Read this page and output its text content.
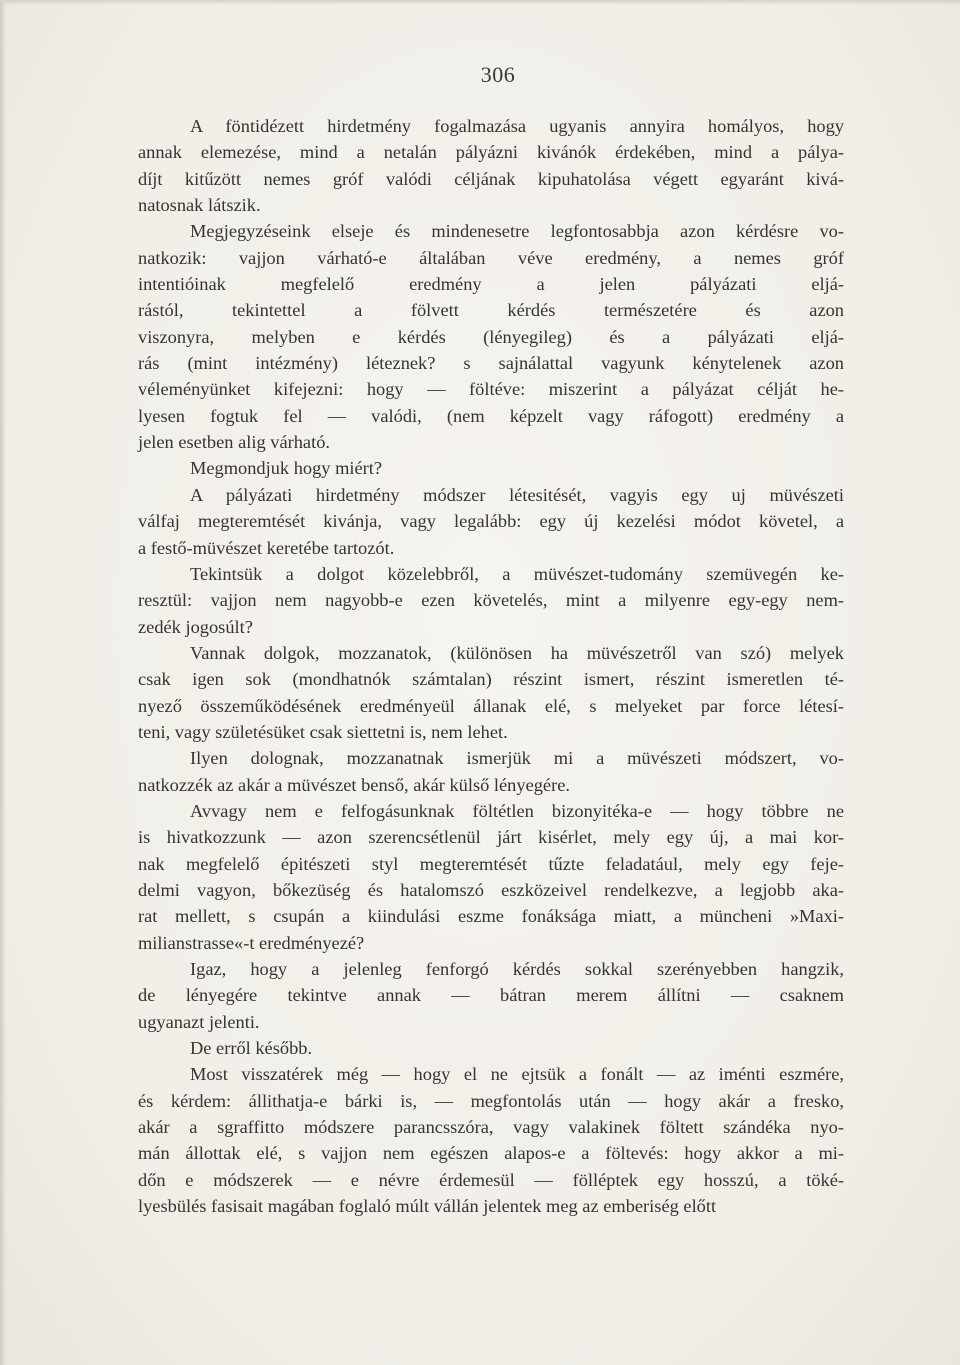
306
A föntidézett hirdetmény fogalmazása ugyanis annyira homályos, hogy
annak elemezése, mind a netalán pályázni kivánók érdekében, mind a pálya-
díjt kitűzött nemes gróf valódi céljának kipuhatolása végett egyaránt kivá-
natosnak látszik.
Megjegyzéseink elseje és mindenesetre legfontosabbja azon kérdésre vo-
natkozik: vajjon várható-e általában véve eredmény, a nemes gróf
intentióinak megfelelő eredmény a jelen pályázati eljá-
rástól, tekintettel a fölvett kérdés természetére és azon
viszonyra, melyben e kérdés (lényegileg) és a pályázati eljá-
rás (mint intézmény) léteznek? s sajnálattal vagyunk kénytelenek azon
véleményünket kifejezni: hogy — föltéve: miszerint a pályázat célját he-
lyesen fogtuk fel — valódi, (nem képzelt vagy ráfogott) eredmény a
jelen esetben alig várható.
Megmondjuk hogy miért?
A pályázati hirdetmény módszer létesitését, vagyis egy uj müvészeti
válfaj megteremtését kivánja, vagy legalább: egy új kezelési módot követel, a
a festő-müvészet keretébe tartozót.
Tekintsük a dolgot közelebbről, a müvészet-tudomány szemüvegén ke-
resztül: vajjon nem nagyobb-e ezen követelés, mint a milyenre egy-egy nem-
zedék jogosúlt?
Vannak dolgok, mozzanatok, (különösen ha müvészetről van szó) melyek
csak igen sok (mondhatnók számtalan) részint ismert, részint ismeretlen té-
nyező összeműködésének eredményeül állanak elé, s melyeket par force létesí-
teni, vagy születésüket csak siettetni is, nem lehet.
Ilyen dolognak, mozzanatnak ismerjük mi a müvészeti módszert, vo-
natkozzék az akár a müvészet benső, akár külső lényegére.
Avvagy nem e felfogásunknak föltétlen bizonyitéka-e — hogy többre ne
is hivatkozzunk — azon szerencsétlenül járt kisérlet, mely egy új, a mai kor-
nak megfelelő épitészeti styl megteremtését tűzte feladatául, mely egy feje-
delmi vagyon, bőkezüség és hatalomszó eszközeivel rendelkezve, a legjobb aka-
rat mellett, s csupán a kiindulási eszme fonáksága miatt, a müncheni »Maxi-
milianstrasse«-t eredményezé?
Igaz, hogy a jelenleg fenforgó kérdés sokkal szerényebben hangzik,
de lényegére tekintve annak — bátran merem állítni — csaknem
ugyanazt jelenti.
De erről később.
Most visszatérek még — hogy el ne ejtsük a fonált — az iménti eszmére,
és kérdem: állithatja-e bárki is, — megfontolás után — hogy akár a fresko,
akár a sgraffitto módszere parancsszóra, vagy valakinek föltett szándéka nyo-
mán állottak elé, s vajjon nem egészen alapos-e a föltevés: hogy akkor a mi-
dőn e módszerek — e névre érdemesül — fölléptek egy hosszú, a töké-
lyesbülés fasisait magában foglaló múlt vállán jelentek meg az emberiség előtt
